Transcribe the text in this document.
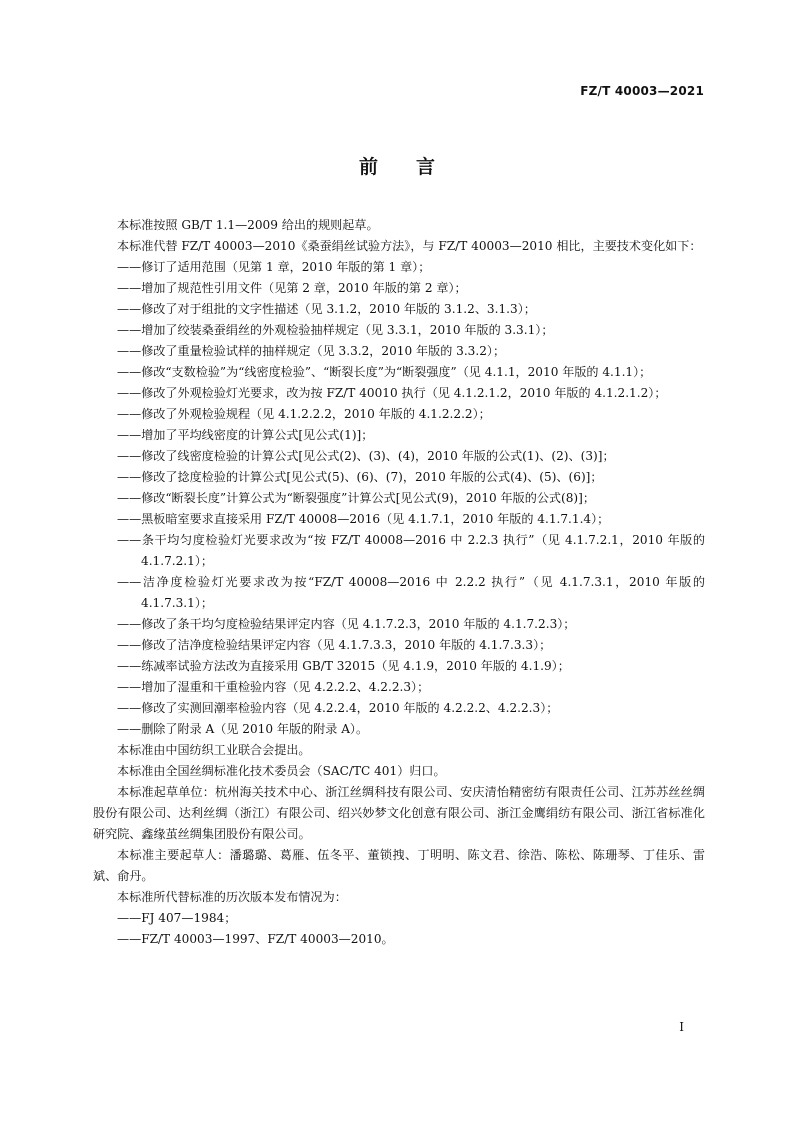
FZ/T 40003—2021
前言

本标准按照 GB/T 1.1—2009 给出的规则起草。

本标准代替 FZ/T 40003—2010《桑蚕绢丝试验方法》，与 FZ/T 40003—2010 相比，主要技术变化如下：

——修订了适用范围（见第 1 章，2010 年版的第 1 章）；

——增加了规范性引用文件（见第 2 章，2010 年版的第 2 章）；

——修改了对于组批的文字性描述（见 3.1.2，2010 年版的 3.1.2、3.1.3）；

——增加了绞装桑蚕绢丝的外观检验抽样规定（见 3.3.1，2010 年版的 3.3.1）；

——修改了重量检验试样的抽样规定（见 3.3.2，2010 年版的 3.3.2）；

——修改“支数检验”为“线密度检验”、“断裂长度”为“断裂强度”（见 4.1.1，2010 年版的 4.1.1）；

——修改了外观检验灯光要求，改为按 FZ/T 40010 执行（见 4.1.2.1.2，2010 年版的 4.1.2.1.2）；

——修改了外观检验规程（见 4.1.2.2.2，2010 年版的 4.1.2.2.2）；

——增加了平均线密度的计算公式[见公式(1)]；

——修改了线密度检验的计算公式[见公式(2)、(3)、(4)，2010 年版的公式(1)、(2)、(3)]；

——修改了捻度检验的计算公式[见公式(5)、(6)、(7)，2010 年版的公式(4)、(5)、(6)]；

——修改“断裂长度”计算公式为“断裂强度”计算公式[见公式(9)，2010 年版的公式(8)]；

——黑板暗室要求直接采用 FZ/T 40008—2016（见 4.1.7.1，2010 年版的 4.1.7.1.4）；

——条干均匀度检验灯光要求改为“按 FZ/T 40008—2016 中 2.2.3 执行”（见 4.1.7.2.1，2010 年版的 4.1.7.2.1）；

——洁净度检验灯光要求改为按“FZ/T 40008—2016 中 2.2.2 执行”（见 4.1.7.3.1，2010 年版的 4.1.7.3.1）；

——修改了条干均匀度检验结果评定内容（见 4.1.7.2.3，2010 年版的 4.1.7.2.3）；

——修改了洁净度检验结果评定内容（见 4.1.7.3.3，2010 年版的 4.1.7.3.3）；

——练减率试验方法改为直接采用 GB/T 32015（见 4.1.9，2010 年版的 4.1.9）；

——增加了湿重和干重检验内容（见 4.2.2.2、4.2.2.3）；

——修改了实测回潮率检验内容（见 4.2.2.4，2010 年版的 4.2.2.2、4.2.2.3）；

——删除了附录 A（见 2010 年版的附录 A）。

本标准由中国纺织工业联合会提出。

本标准由全国丝绸标准化技术委员会（SAC/TC 401）归口。

本标准起草单位：杭州海关技术中心、浙江丝绸科技有限公司、安庆清怡精密纺有限责任公司、江苏苏丝丝绸股份有限公司、达利丝绸（浙江）有限公司、绍兴妙梦文化创意有限公司、浙江金鹰绢纺有限公司、浙江省标准化研究院、鑫缘茧丝绸集团股份有限公司。

本标准主要起草人：潘璐璐、葛雁、伍冬平、董锁拽、丁明明、陈文君、徐浩、陈松、陈珊琴、丁佳乐、雷斌、俞丹。

本标准所代替标准的历次版本发布情况为：

——FJ 407—1984；

——FZ/T 40003—1997、FZ/T 40003—2010。

I
